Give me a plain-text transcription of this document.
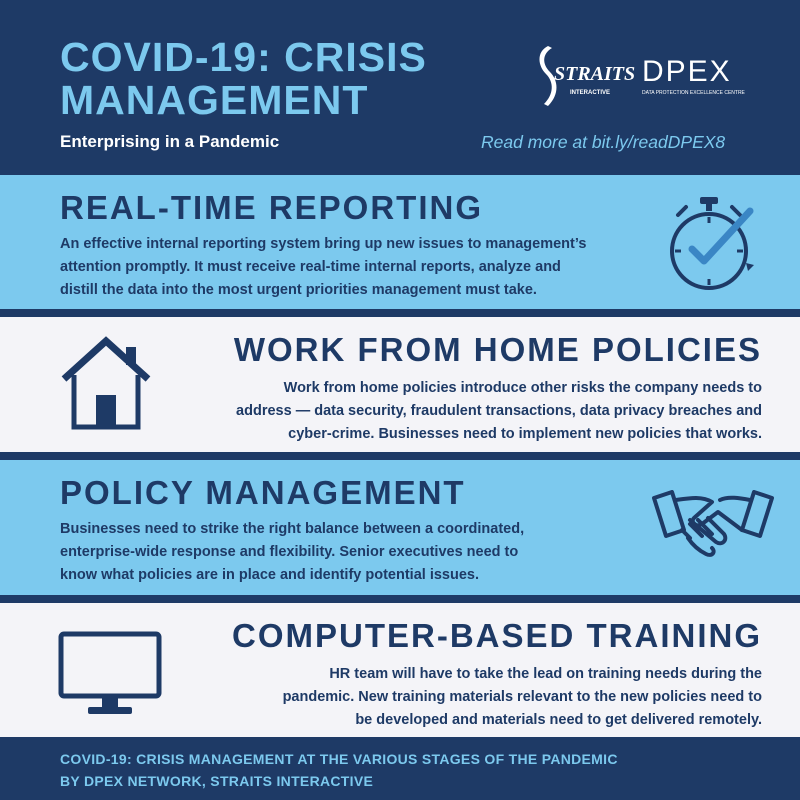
COVID-19: CRISIS
MANAGEMENT
Enterprising in a Pandemic	Read more at bit.ly/readDPEX8
STRAITS
INTERACTIVE
DPEX
DATA PROTECTION EXCELLENCE CENTRE
REAL-TIME REPORTING
An effective internal reporting system bring up new issues to management’s
attention promptly. It must receive real-time internal reports, analyze and
distill the data into the most urgent priorities management must take.
WORK FROM HOME POLICIES
Work from home policies introduce other risks the company needs to
address — data security, fraudulent transactions, data privacy breaches and
cyber-crime. Businesses need to implement new policies that works.
POLICY MANAGEMENT
Businesses need to strike the right balance between a coordinated,
enterprise-wide response and flexibility. Senior executives need to
know what policies are in place and identify potential issues.
COMPUTER-BASED TRAINING
HR team will have to take the lead on training needs during the
pandemic. New training materials relevant to the new policies need to
be developed and materials need to get delivered remotely.
COVID-19: CRISIS MANAGEMENT AT THE VARIOUS STAGES OF THE PANDEMIC
BY DPEX NETWORK, STRAITS INTERACTIVE
